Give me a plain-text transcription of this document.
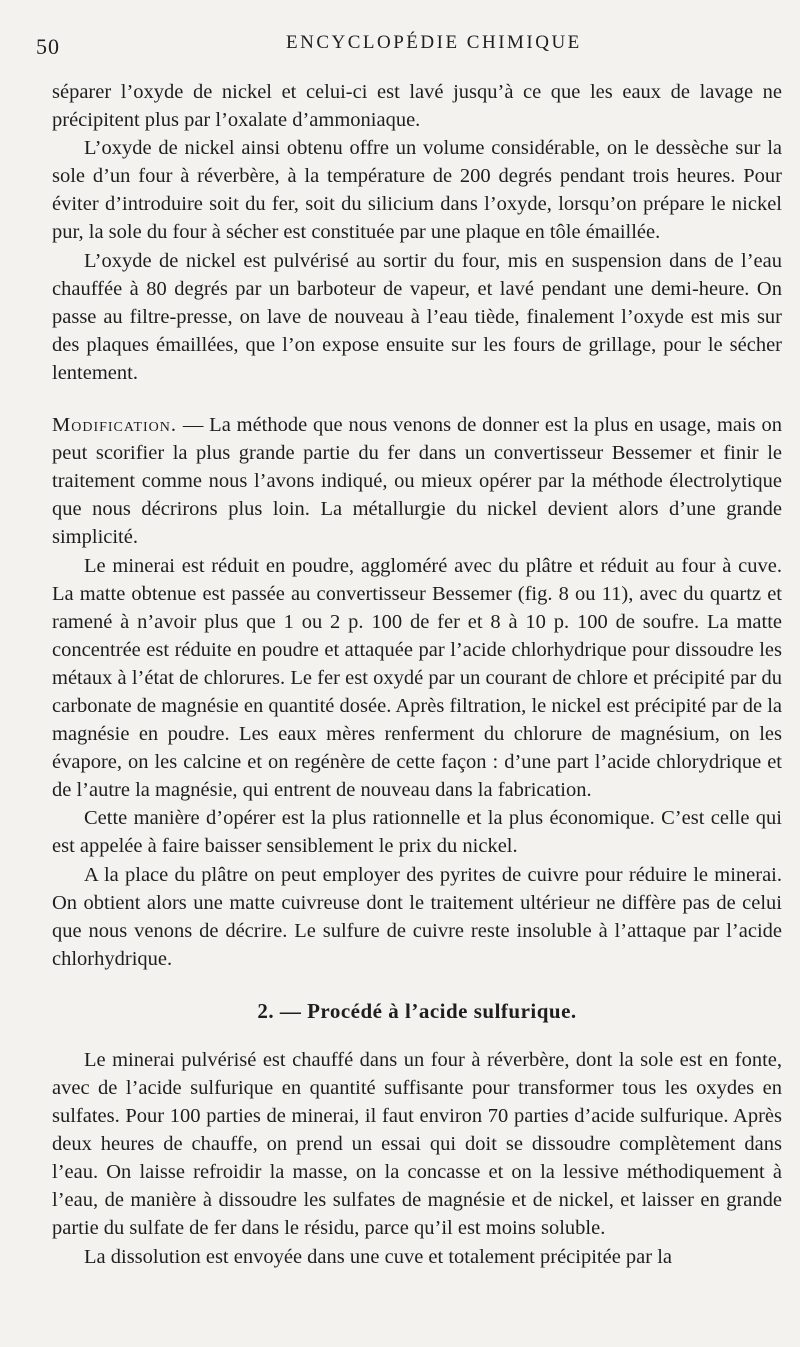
50	ENCYCLOPÉDIE CHIMIQUE

séparer l’oxyde de nickel et celui-ci est lavé jusqu’à ce que les eaux de lavage ne précipitent plus par l’oxalate d’ammoniaque.

L’oxyde de nickel ainsi obtenu offre un volume considérable, on le dessèche sur la sole d’un four à réverbère, à la température de 200 degrés pendant trois heures. Pour éviter d’introduire soit du fer, soit du silicium dans l’oxyde, lorsqu’on prépare le nickel pur, la sole du four à sécher est constituée par une plaque en tôle émaillée.

L’oxyde de nickel est pulvérisé au sortir du four, mis en suspension dans de l’eau chauffée à 80 degrés par un barboteur de vapeur, et lavé pendant une demi-heure. On passe au filtre-presse, on lave de nouveau à l’eau tiède, finalement l’oxyde est mis sur des plaques émaillées, que l’on expose ensuite sur les fours de grillage, pour le sécher lentement.

Modification. — La méthode que nous venons de donner est la plus en usage, mais on peut scorifier la plus grande partie du fer dans un convertisseur Bessemer et finir le traitement comme nous l’avons indiqué, ou mieux opérer par la méthode électrolytique que nous décrirons plus loin. La métallurgie du nickel devient alors d’une grande simplicité.

Le minerai est réduit en poudre, aggloméré avec du plâtre et réduit au four à cuve. La matte obtenue est passée au convertisseur Bessemer (fig. 8 ou 11), avec du quartz et ramené à n’avoir plus que 1 ou 2 p. 100 de fer et 8 à 10 p. 100 de soufre. La matte concentrée est réduite en poudre et attaquée par l’acide chlorhydrique pour dissoudre les métaux à l’état de chlorures. Le fer est oxydé par un courant de chlore et précipité par du carbonate de magnésie en quantité dosée. Après filtration, le nickel est précipité par de la magnésie en poudre. Les eaux mères renferment du chlorure de magnésium, on les évapore, on les calcine et on regénère de cette façon : d’une part l’acide chlorydrique et de l’autre la magnésie, qui entrent de nouveau dans la fabrication.

Cette manière d’opérer est la plus rationnelle et la plus économique. C’est celle qui est appelée à faire baisser sensiblement le prix du nickel.

A la place du plâtre on peut employer des pyrites de cuivre pour réduire le minerai. On obtient alors une matte cuivreuse dont le traitement ultérieur ne diffère pas de celui que nous venons de décrire. Le sulfure de cuivre reste insoluble à l’attaque par l’acide chlorhydrique.

2. — Procédé à l’acide sulfurique.

Le minerai pulvérisé est chauffé dans un four à réverbère, dont la sole est en fonte, avec de l’acide sulfurique en quantité suffisante pour transformer tous les oxydes en sulfates. Pour 100 parties de minerai, il faut environ 70 parties d’acide sulfurique. Après deux heures de chauffe, on prend un essai qui doit se dissoudre complètement dans l’eau. On laisse refroidir la masse, on la concasse et on la lessive méthodiquement à l’eau, de manière à dissoudre les sulfates de magnésie et de nickel, et laisser en grande partie du sulfate de fer dans le résidu, parce qu’il est moins soluble.

La dissolution est envoyée dans une cuve et totalement précipitée par la
